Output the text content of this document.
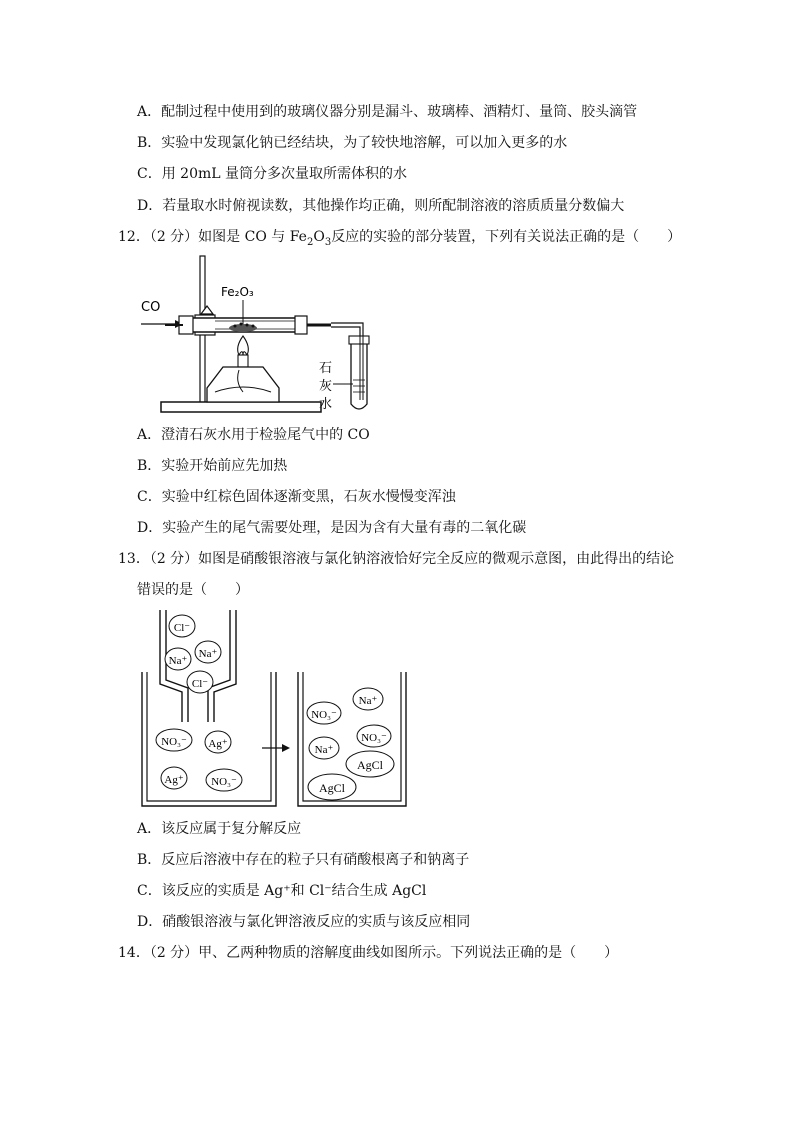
A．配制过程中使用到的玻璃仪器分别是漏斗、玻璃棒、酒精灯、量筒、胶头滴管
B．实验中发现氯化钠已经结块，为了较快地溶解，可以加入更多的水
C．用 20mL 量筒分多次量取所需体积的水
D．若量取水时俯视读数，其他操作均正确，则所配制溶液的溶质质量分数偏大
12．（2 分）如图是 CO 与 $Fe_2O_3$反应的实验的部分装置，下列有关说法正确的是（　　）
CO
Fe₂O₃
石
灰
水
A．澄清石灰水用于检验尾气中的 CO
B．实验开始前应先加热
C．实验中红棕色固体逐渐变黑，石灰水慢慢变浑浊
D．实验产生的尾气需要处理，是因为含有大量有毒的二氧化碳
13．（2 分）如图是硝酸银溶液与氯化钠溶液恰好完全反应的微观示意图，由此得出的结论
错误的是（　　）
Cl⁻
Na⁺
Na⁺
Cl⁻
NO₃⁻ Ag⁺
Ag⁺	NO₃⁻
Na⁺
NO₃⁻
NO₃⁻
Na⁺
AgCl
AgCl
A．该反应属于复分解反应
B．反应后溶液中存在的粒子只有硝酸根离子和钠离子
C．该反应的实质是 Ag⁺和 Cl⁻结合生成 AgCl
D．硝酸银溶液与氯化钾溶液反应的实质与该反应相同
14．（2 分）甲、乙两种物质的溶解度曲线如图所示。下列说法正确的是（　　）
